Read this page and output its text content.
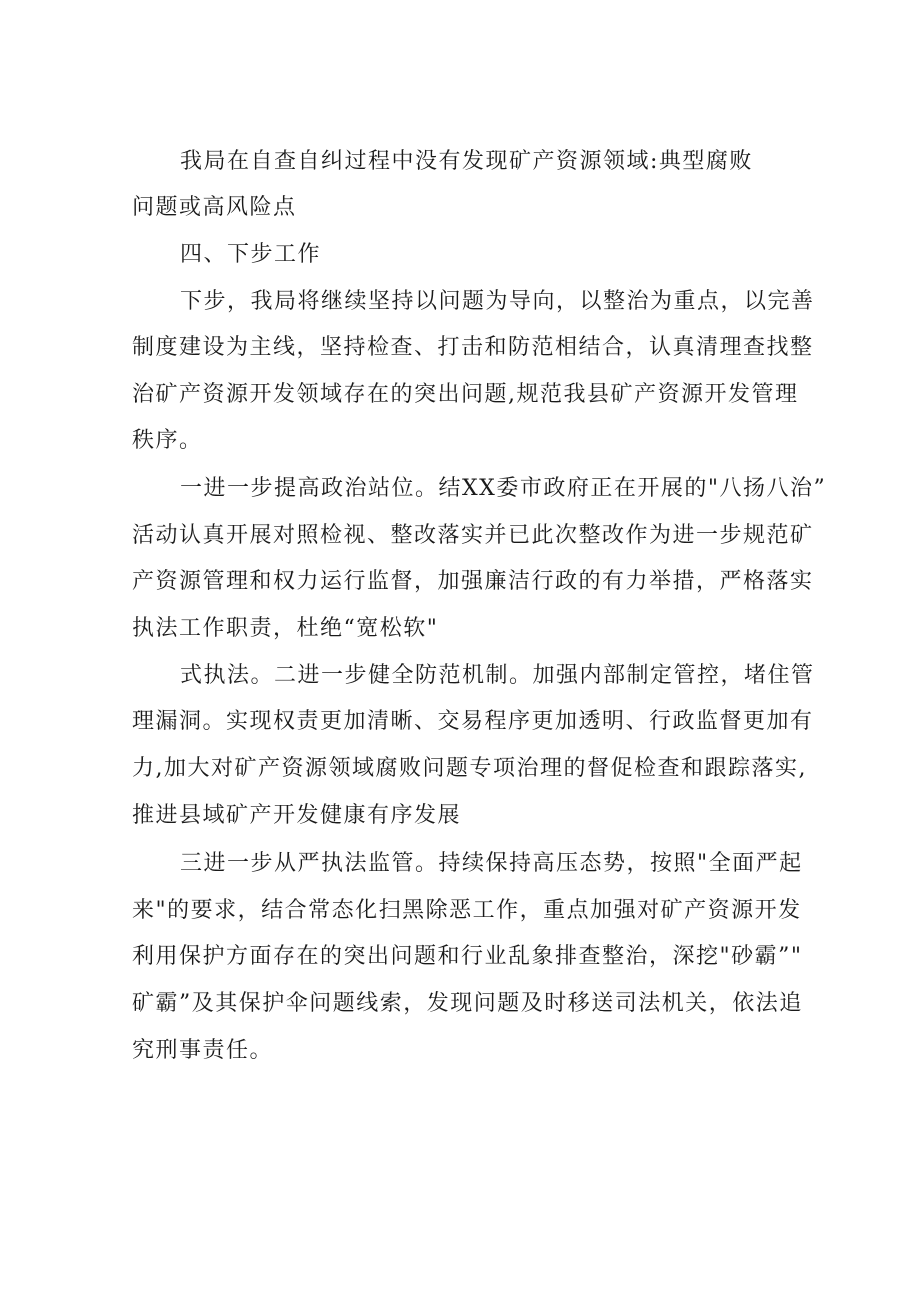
我局在自查自纠过程中没有发现矿产资源领域:典型腐败
问题或高风险点
四、下步工作
下步，我局将继续坚持以问题为导向，以整治为重点，以完善
制度建设为主线，坚持检查、打击和防范相结合，认真清理查找整
治矿产资源开发领域存在的突出问题,规范我县矿产资源开发管理
秩序。
一进一步提高政治站位。结XX委市政府正在开展的"八扬八治”
活动认真开展对照检视、整改落实并已此次整改作为进一步规范矿
产资源管理和权力运行监督，加强廉洁行政的有力举措，严格落实
执法工作职责，杜绝“宽松软"
式执法。二进一步健全防范机制。加强内部制定管控，堵住管
理漏洞。实现权责更加清晰、交易程序更加透明、行政监督更加有
力,加大对矿产资源领域腐败问题专项治理的督促检查和跟踪落实,
推进县域矿产开发健康有序发展
三进一步从严执法监管。持续保持高压态势，按照"全面严起
来"的要求，结合常态化扫黑除恶工作，重点加强对矿产资源开发
利用保护方面存在的突出问题和行业乱象排查整治，深挖"砂霸”"
矿霸”及其保护伞问题线索，发现问题及时移送司法机关，依法追
究刑事责任。
